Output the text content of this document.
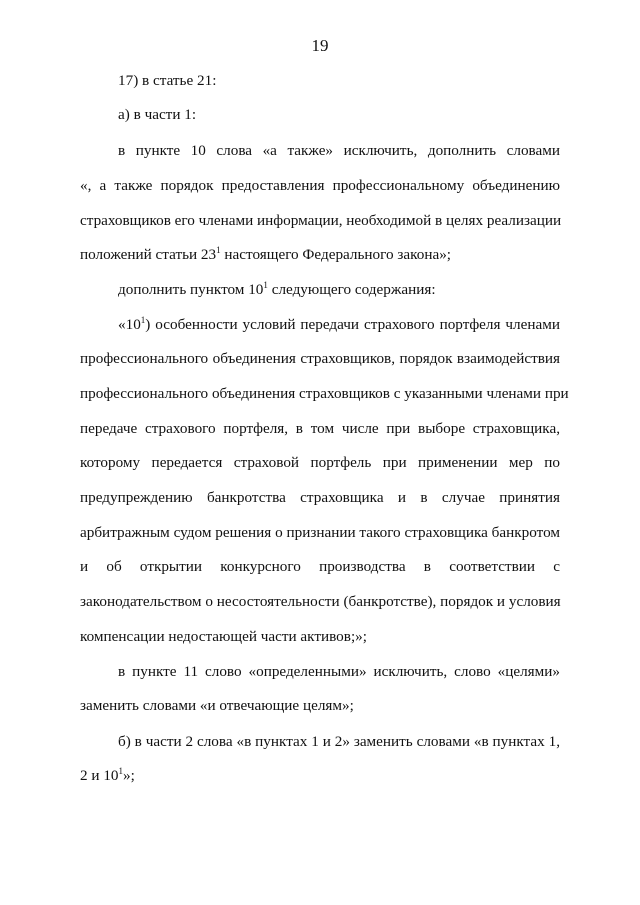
19
17) в статье 21:
а) в части 1:
в пункте 10 слова «а также» исключить, дополнить словами
«, а также порядок предоставления профессиональному объединению
страховщиков его членами информации, необходимой в целях реализации
положений статьи $23^1$ настоящего Федерального закона»;
дополнить пунктом $10^1$ следующего содержания:
«$10^1$) особенности условий передачи страхового портфеля членами
профессионального объединения страховщиков, порядок взаимодействия
профессионального объединения страховщиков с указанными членами при
передаче страхового портфеля, в том числе при выборе страховщика,
которому передается страховой портфель при применении мер по
предупреждению банкротства страховщика и в случае принятия
арбитражным судом решения о признании такого страховщика банкротом
и об открытии конкурсного производства в соответствии с
законодательством о несостоятельности (банкротстве), порядок и условия
компенсации недостающей части активов;»;
в пункте 11 слово «определенными» исключить, слово «целями»
заменить словами «и отвечающие целям»;
б) в части 2 слова «в пунктах 1 и 2» заменить словами «в пунктах 1,
2 и $10^1$»;
